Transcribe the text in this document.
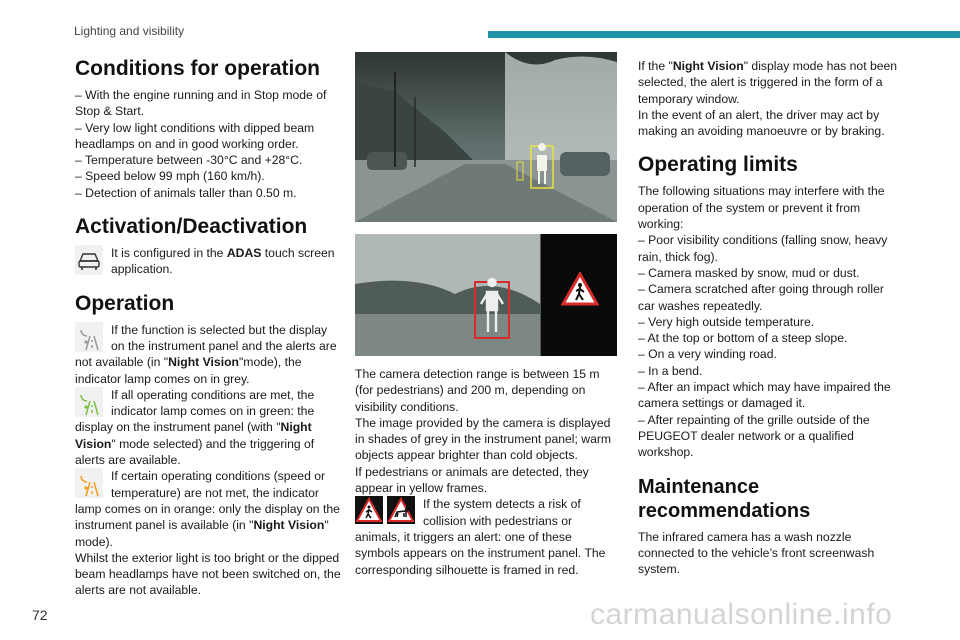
Lighting and visibility
Conditions for operation

– With the engine running and in Stop mode of Stop & Start.

– Very low light conditions with dipped beam headlamps on and in good working order.

– Temperature between -30°C and +28°C.

– Speed below 99 mph (160 km/h).

– Detection of animals taller than 0.50 m.

Activation/Deactivation
It is configured in the ADAS touch screen application.
Operation
If the function is selected but the display on the instrument panel and the alerts are not available (in "Night Vision"mode), the indicator lamp comes on in grey.
If all operating conditions are met, the indicator lamp comes on in green: the display on the instrument panel (with "Night Vision" mode selected) and the triggering of alerts are available.
If certain operating conditions (speed or temperature) are not met, the indicator lamp comes on in orange: only the display on the instrument panel is available (in "Night Vision" mode).

Whilst the exterior light is too bright or the dipped beam headlamps have not been switched on, the alerts are not available.

The camera detection range is between 15 m (for pedestrians) and 200 m, depending on visibility conditions.

The image provided by the camera is displayed in shades of grey in the instrument panel; warm objects appear brighter than cold objects.

If pedestrians or animals are detected, they appear in yellow frames.

If the system detects a risk of collision with pedestrians or animals, it triggers an alert: one of these symbols appears on the instrument panel. The corresponding silhouette is framed in red.

If the "Night Vision" display mode has not been selected, the alert is triggered in the form of a temporary window.

In the event of an alert, the driver may act by making an avoiding manoeuvre or by braking.

Operating limits

The following situations may interfere with the operation of the system or prevent it from working:

– Poor visibility conditions (falling snow, heavy rain, thick fog).

– Camera masked by snow, mud or dust.

– Camera scratched after going through roller car washes repeatedly.

– Very high outside temperature.

– At the top or bottom of a steep slope.

– On a very winding road.

– In a bend.

– After an impact which may have impaired the camera settings or damaged it.

– After repainting of the grille outside of the PEUGEOT dealer network or a qualified workshop.

Maintenance recommendations

The infrared camera has a wash nozzle connected to the vehicle’s front screenwash system.

72	carmanualsonline.info
